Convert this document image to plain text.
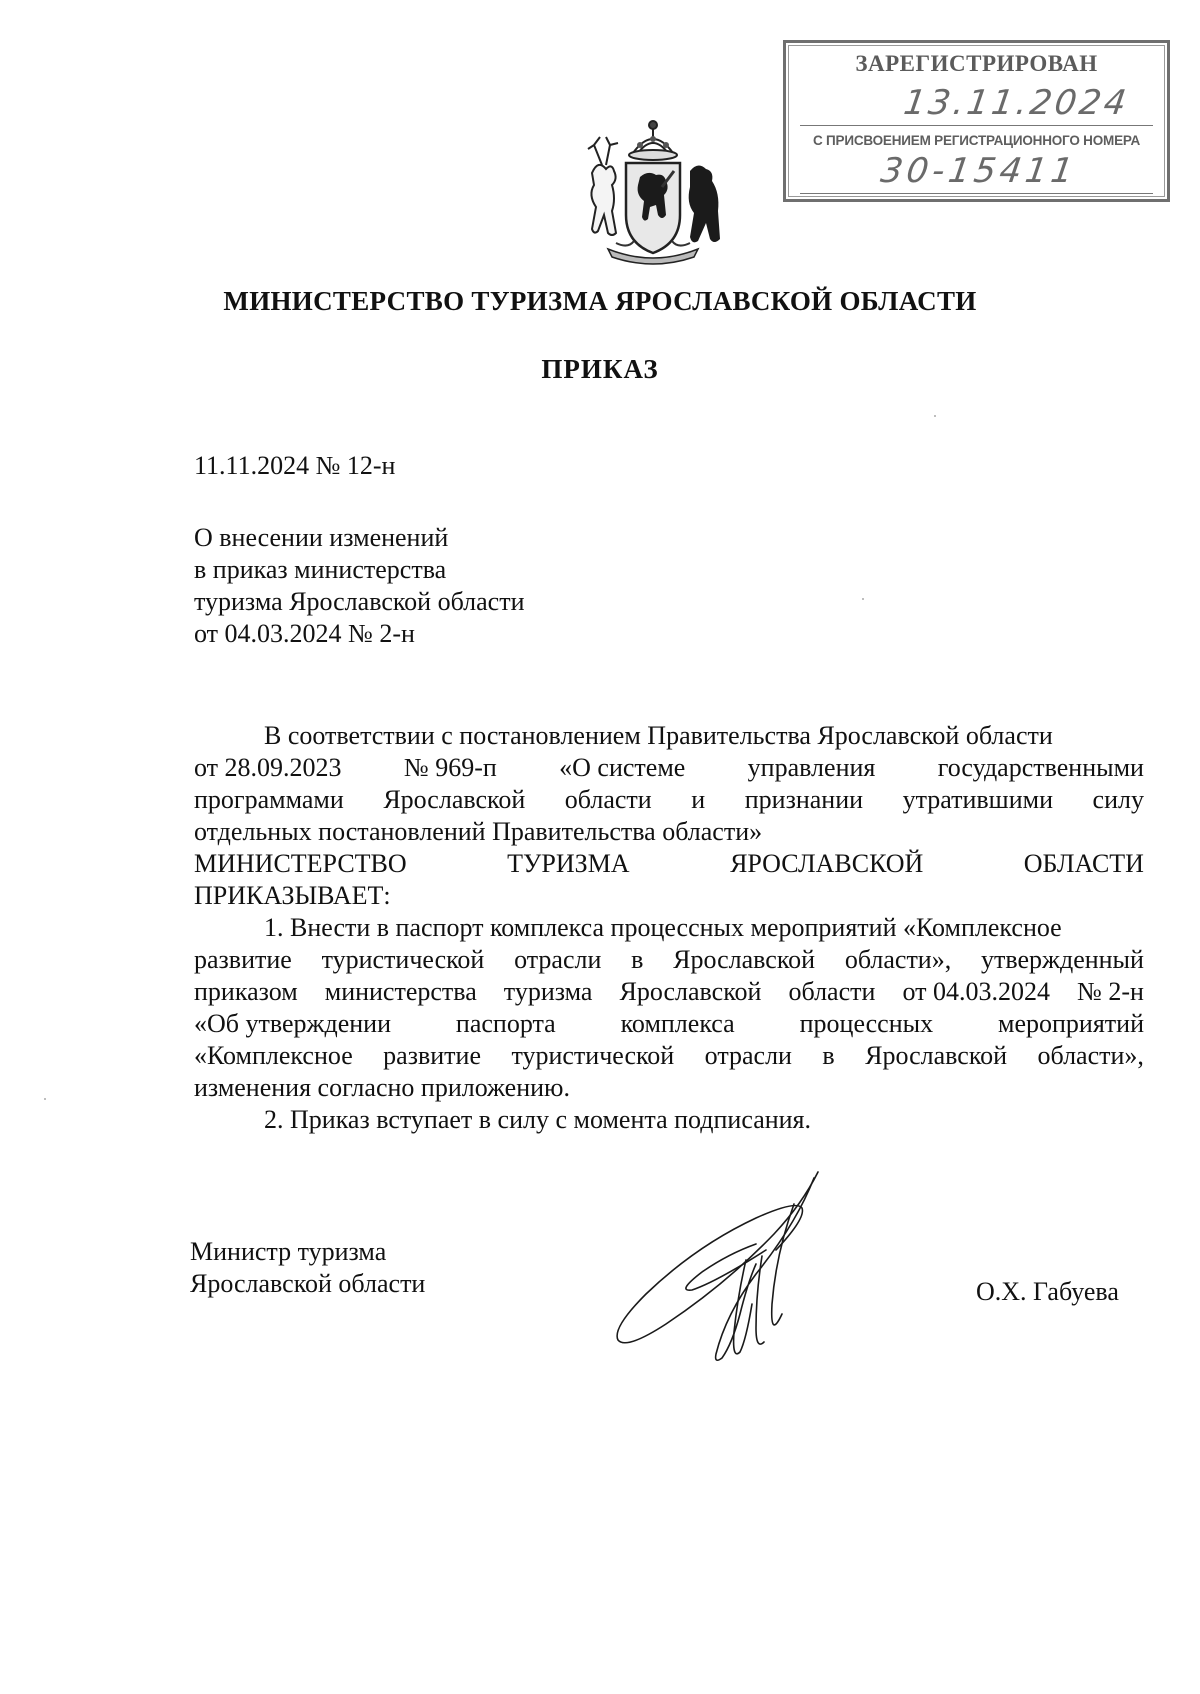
ЗАРЕГИСТРИРОВАН
13.11.2024
С ПРИСВОЕНИЕМ РЕГИСТРАЦИОННОГО НОМЕРА
30-15411
МИНИСТЕРСТВО ТУРИЗМА ЯРОСЛАВСКОЙ ОБЛАСТИ
ПРИКАЗ
11.11.2024 № 12-н
О внесении изменений
в приказ министерства
туризма Ярославской области
от 04.03.2024 № 2-н
В соответствии с постановлением Правительства Ярославской области
от 28.09.2023 № 969-п «О системе управления государственными
программами Ярославской области и признании утратившими силу
отдельных постановлений Правительства области»
МИНИСТЕРСТВО	ТУРИЗМА	ЯРОСЛАВСКОЙ	ОБЛАСТИ
ПРИКАЗЫВАЕТ:
1. Внести в паспорт комплекса процессных мероприятий «Комплексное
развитие туристической отрасли в Ярославской области», утвержденный
приказом министерства туризма Ярославской области от 04.03.2024 № 2-н
«Об утверждении паспорта комплекса процессных мероприятий
«Комплексное развитие туристической отрасли в Ярославской области»,
изменения согласно приложению.
2. Приказ вступает в силу с момента подписания.
Министр туризма
Ярославской области	О.Х. Габуева
